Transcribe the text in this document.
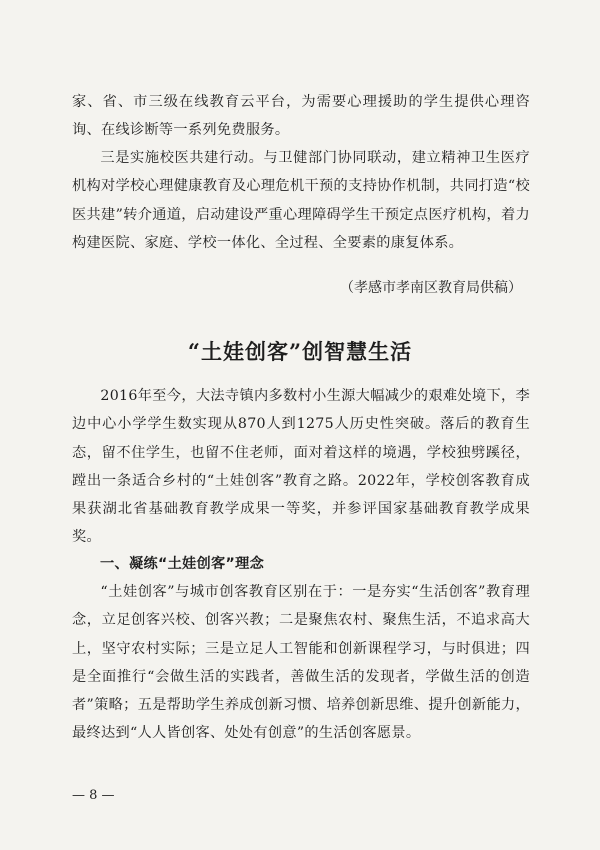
家、省、市三级在线教育云平台，为需要心理援助的学生提供心理咨询、在线诊断等一系列免费服务。

三是实施校医共建行动。与卫健部门协同联动，建立精神卫生医疗机构对学校心理健康教育及心理危机干预的支持协作机制，共同打造“校医共建”转介通道，启动建设严重心理障碍学生干预定点医疗机构，着力构建医院、家庭、学校一体化、全过程、全要素的康复体系。

（孝感市孝南区教育局供稿）

“土娃创客”创智慧生活

2016年至今，大法寺镇内多数村小生源大幅减少的艰难处境下，李边中心小学学生数实现从870人到1275人历史性突破。落后的教育生态，留不住学生，也留不住老师，面对着这样的境遇，学校独劈蹊径，蹚出一条适合乡村的“土娃创客”教育之路。2022年，学校创客教育成果获湖北省基础教育教学成果一等奖，并参评国家基础教育教学成果奖。

一、凝练“土娃创客”理念

“土娃创客”与城市创客教育区别在于：一是夯实“生活创客”教育理念，立足创客兴校、创客兴教；二是聚焦农村、聚焦生活，不追求高大上，坚守农村实际；三是立足人工智能和创新课程学习，与时俱进；四是全面推行“会做生活的实践者，善做生活的发现者，学做生活的创造者”策略；五是帮助学生养成创新习惯、培养创新思维、提升创新能力，最终达到“人人皆创客、处处有创意”的生活创客愿景。

— 8 —
